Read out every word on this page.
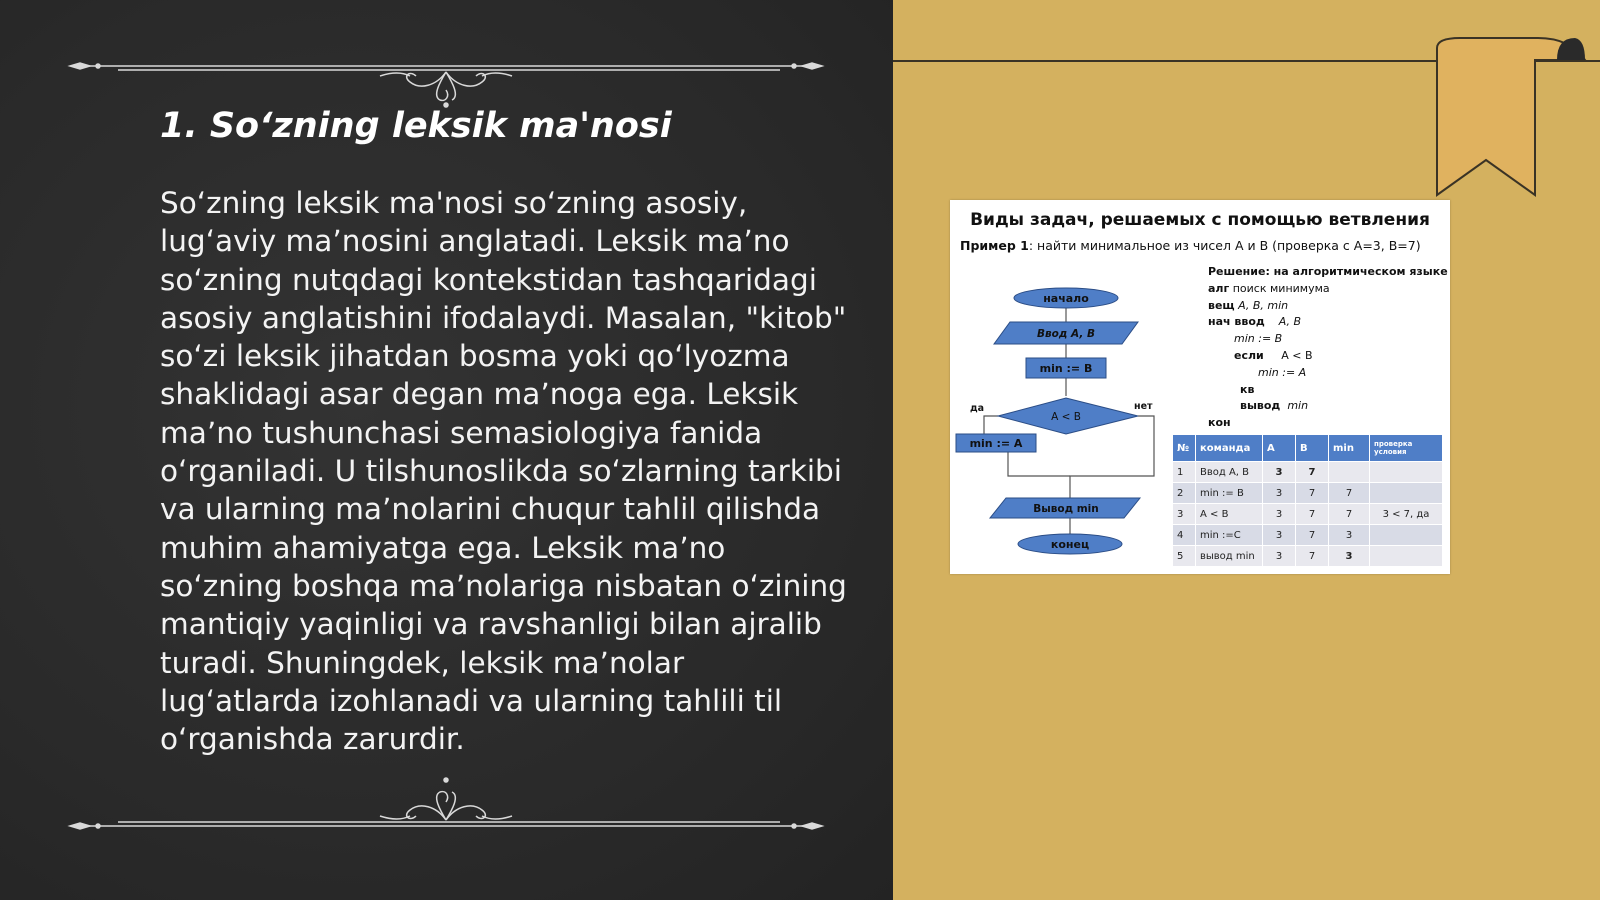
1. So‘zning leksik ma'nosi

So‘zning leksik ma'nosi so‘zning asosiy, lug‘aviy ma’nosini anglatadi. Leksik ma’no so‘zning nutqdagi kontekstidan tashqaridagi asosiy anglatishini ifodalaydi. Masalan, "kitob" so‘zi leksik jihatdan bosma yoki qo‘lyozma shaklidagi asar degan ma’noga ega. Leksik ma’no tushunchasi semasiologiya fanida o‘rganiladi. U tilshunoslikda so‘zlarning tarkibi va ularning ma’nolarini chuqur tahlil qilishda muhim ahamiyatga ega. Leksik ma’no so‘zning boshqa ma’nolariga nisbatan o‘zining mantiqiy yaqinligi va ravshanligi bilan ajralib turadi. Shuningdek, leksik ma’nolar lug‘atlarda izohlanadi va ularning tahlili til o‘rganishda zarurdir.

Виды задач, решаемых с помощью ветвления
Пример 1: найти минимальное из чисел A и B (проверка с A=3, B=7)
начало
Ввод A, B
min := B
A < B
да	нет
min := A
Вывод min
конец
Решение: на алгоритмическом языке
алг поиск минимума
вещ A, B, min
нач ввод A, B
min := B
если A < B
min := A
кв
вывод min
кон
№	команда	A	B	min	проверка условия
1	Ввод A, B	3	7		
2	min := B	3	7	7	
3	A < B	3	7	7	3 < 7, да
4	min :=C	3	7	3	
5	вывод min	3	7	3	
